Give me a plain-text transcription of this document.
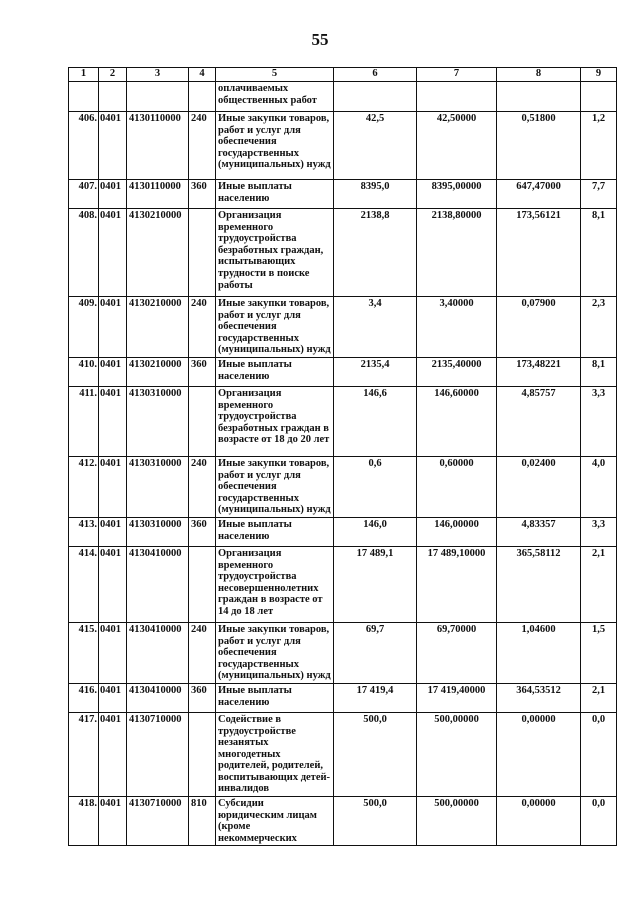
55
1	2	3	4	5	6	7	8	9
				оплачиваемых общественных работ				
406.	0401	4130110000	240	Иные закупки товаров, работ и услуг для обеспечения государственных (муниципальных) нужд	42,5	42,50000	0,51800	1,2
407.	0401	4130110000	360	Иные выплаты населению	8395,0	8395,00000	647,47000	7,7
408.	0401	4130210000		Организация временного трудоустройства безработных граждан, испытывающих трудности в поиске работы	2138,8	2138,80000	173,56121	8,1
409.	0401	4130210000	240	Иные закупки товаров, работ и услуг для обеспечения государственных (муниципальных) нужд	3,4	3,40000	0,07900	2,3
410.	0401	4130210000	360	Иные выплаты населению	2135,4	2135,40000	173,48221	8,1
411.	0401	4130310000		Организация временного трудоустройства безработных граждан в возрасте от 18 до 20 лет	146,6	146,60000	4,85757	3,3
412.	0401	4130310000	240	Иные закупки товаров, работ и услуг для обеспечения государственных (муниципальных) нужд	0,6	0,60000	0,02400	4,0
413.	0401	4130310000	360	Иные выплаты населению	146,0	146,00000	4,83357	3,3
414.	0401	4130410000		Организация временного трудоустройства несовершеннолетних граждан в возрасте от 14 до 18 лет	17 489,1	17 489,10000	365,58112	2,1
415.	0401	4130410000	240	Иные закупки товаров, работ и услуг для обеспечения государственных (муниципальных) нужд	69,7	69,70000	1,04600	1,5
416.	0401	4130410000	360	Иные выплаты населению	17 419,4	17 419,40000	364,53512	2,1
417.	0401	4130710000		Содействие в трудоустройстве незанятых многодетных родителей, родителей, воспитывающих детей-инвалидов	500,0	500,00000	0,00000	0,0
418.	0401	4130710000	810	Субсидии юридическим лицам (кроме некоммерческих	500,0	500,00000	0,00000	0,0
